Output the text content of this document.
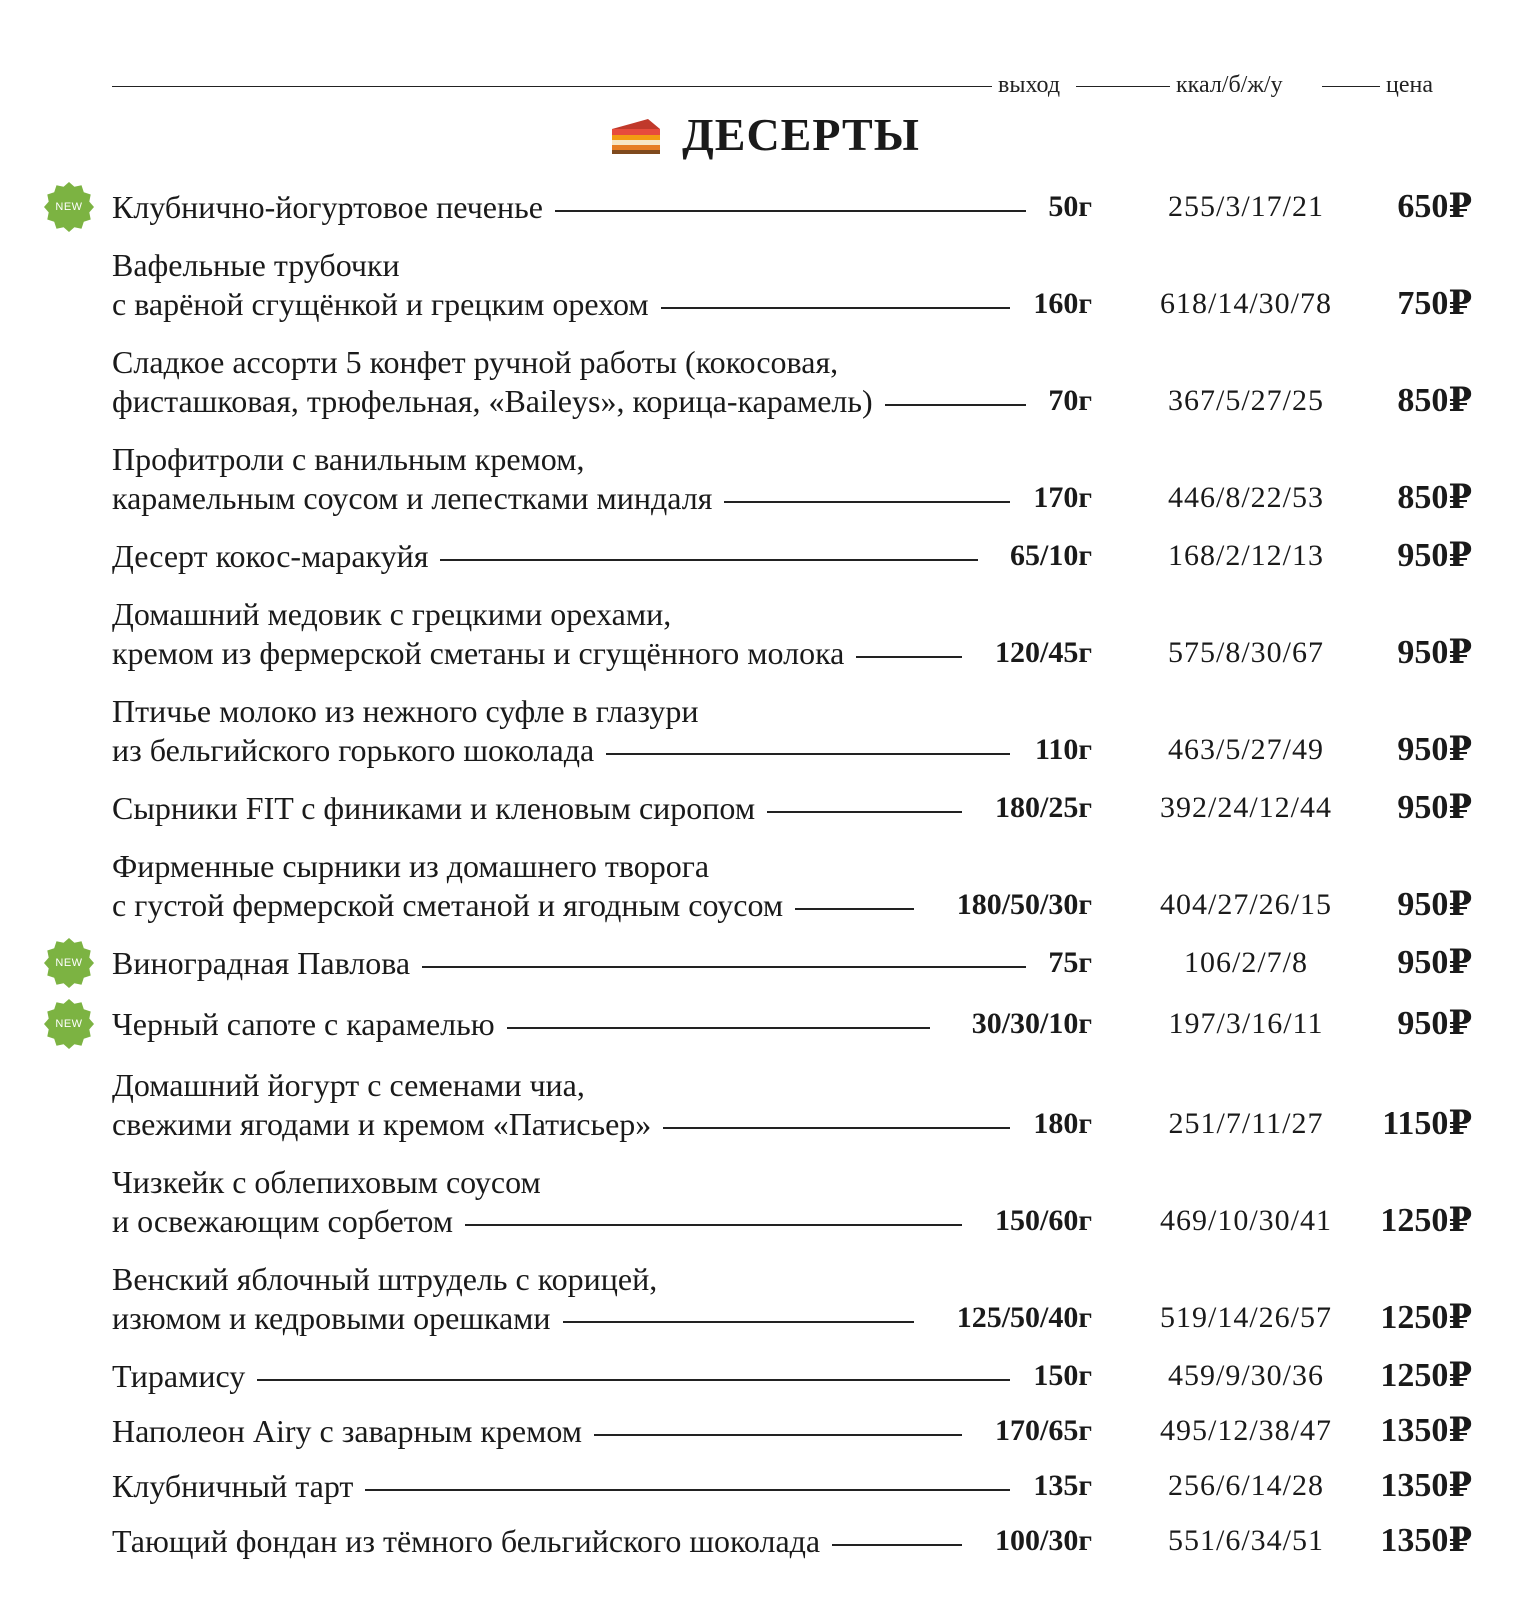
выход	ккал/б/ж/у	цена
ДЕСЕРТЫ
NEW Клубнично-йогуртовое печенье	50г	255/3/17/21	650₽
Вафельные трубочки
с варёной сгущёнкой и грецким орехом	160г	618/14/30/78	750₽
Сладкое ассорти 5 конфет ручной работы (кокосовая,
фисташковая, трюфельная, «Baileys», корица-карамель)	70г	367/5/27/25	850₽
Профитроли с ванильным кремом,
карамельным соусом и лепестками миндаля	170г	446/8/22/53	850₽
Десерт кокос-маракуйя	65/10г	168/2/12/13	950₽
Домашний медовик с грецкими орехами,
кремом из фермерской сметаны и сгущённого молока	120/45г	575/8/30/67	950₽
Птичье молоко из нежного суфле в глазури
из бельгийского горького шоколада	110г	463/5/27/49	950₽
Сырники FIT с финиками и кленовым сиропом	180/25г	392/24/12/44	950₽
Фирменные сырники из домашнего творога
с густой фермерской сметаной и ягодным соусом	180/50/30г	404/27/26/15	950₽
NEW Виноградная Павлова	75г	106/2/7/8	950₽
NEW Черный сапоте с карамелью	30/30/10г	197/3/16/11	950₽
Домашний йогурт с семенами чиа,
свежими ягодами и кремом «Патисьер»	180г	251/7/11/27	1150₽
Чизкейк с облепиховым соусом
и освежающим сорбетом	150/60г	469/10/30/41	1250₽
Венский яблочный штрудель с корицей,
изюмом и кедровыми орешками	125/50/40г	519/14/26/57	1250₽
Тирамису	150г	459/9/30/36	1250₽
Наполеон Airy с заварным кремом	170/65г	495/12/38/47	1350₽
Клубничный тарт	135г	256/6/14/28	1350₽
Тающий фондан из тёмного бельгийского шоколада	100/30г	551/6/34/51	1350₽
